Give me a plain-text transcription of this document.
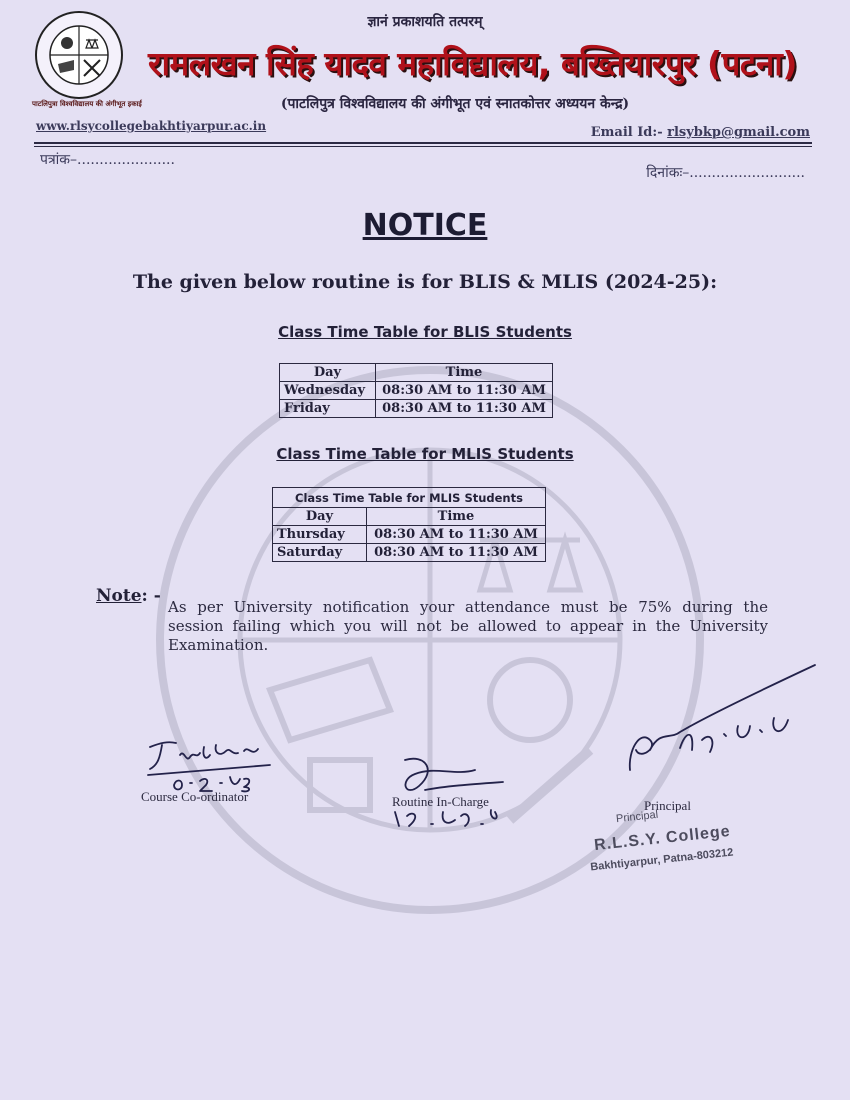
ज्ञानं प्रकाशयति तत्परम्
रामलखन सिंह यादव महाविद्यालय, बख्तियारपुर (पटना)
(पाटलिपुत्र विश्वविद्यालय की अंगीभूत एवं स्नातकोत्तर अध्ययन केन्द्र)
पाटलिपुत्रा विश्वविद्यालय की अंगीभूत इकाई
www.rlsycollegebakhtiyarpur.ac.in	Email Id:- rlsybkp@gmail.com
पत्रांक–......................
दिनांकः–..........................
NOTICE
The given below routine is for BLIS & MLIS (2024-25):
Class Time Table for BLIS Students
Day	Time
Wednesday	08:30 AM to 11:30 AM
Friday	08:30 AM to 11:30 AM
Class Time Table for MLIS Students
Class Time Table for MLIS Students	
Day	Time
Thursday	08:30 AM to 11:30 AM
Saturday	08:30 AM to 11:30 AM
Note: -
As per University notification your attendance must be 75% during the session failing which you will not be allowed to appear in the University Examination.
Course Co-ordinator	Routine In-Charge	Principal
Principal
R.L.S.Y. College
Bakhtiyarpur, Patna-803212
